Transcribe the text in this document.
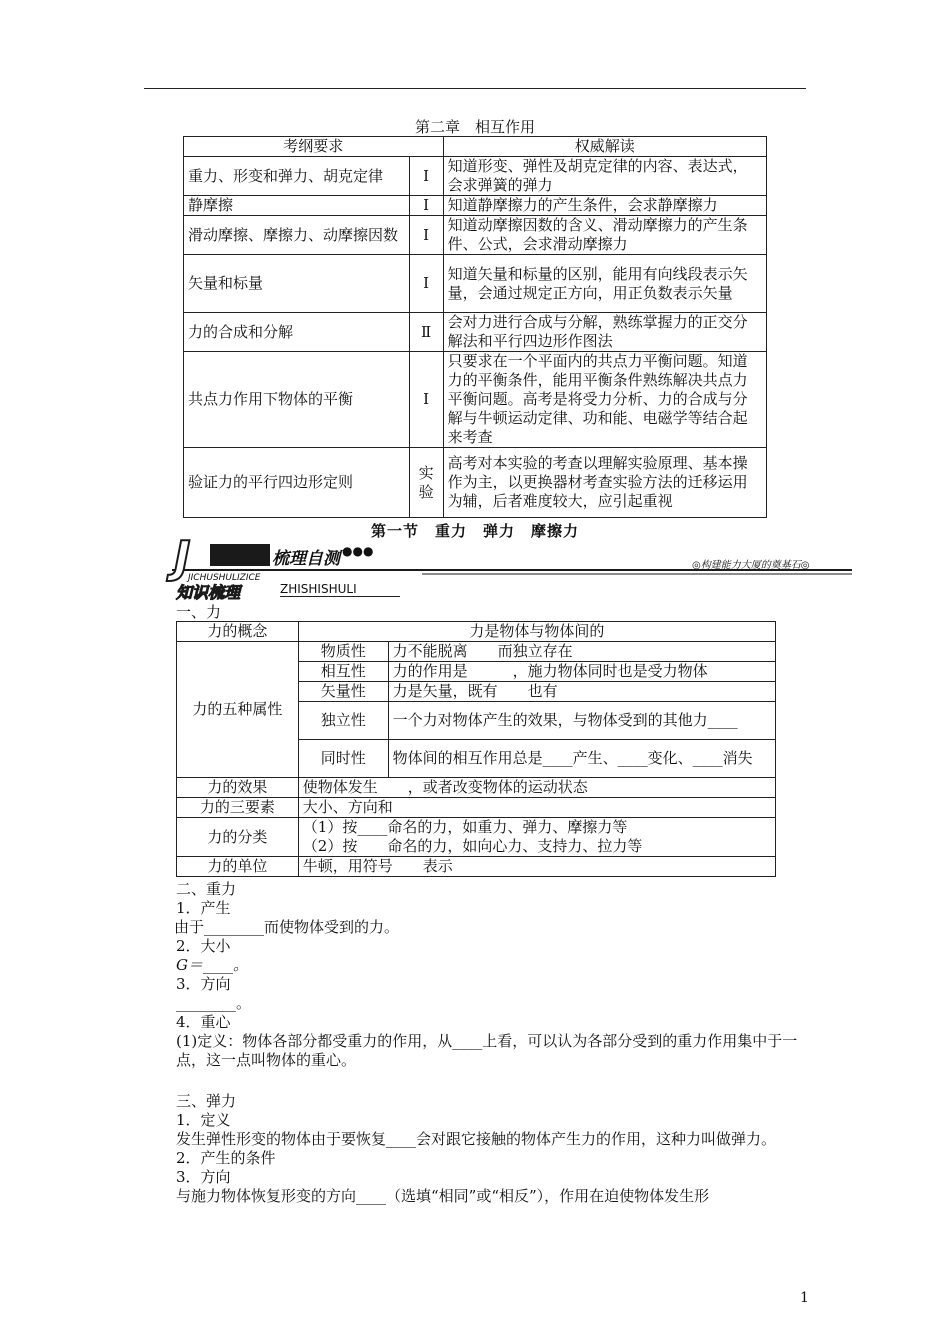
第二章　相互作用
考纲要求		权威解读
重力、形变和弹力、胡克定律	Ⅰ	知道形变、弹性及胡克定律的内容、表达式，会求弹簧的弹力
静摩擦	Ⅰ	知道静摩擦力的产生条件，会求静摩擦力
滑动摩擦、摩擦力、动摩擦因数	Ⅰ	知道动摩擦因数的含义、滑动摩擦力的产生条件、公式，会求滑动摩擦力
矢量和标量	Ⅰ	知道矢量和标量的区别，能用有向线段表示矢量，会通过规定正方向，用正负数表示矢量
力的合成和分解	Ⅱ	会对力进行合成与分解，熟练掌握力的正交分解法和平行四边形作图法
共点力作用下物体的平衡	Ⅰ	只要求在一个平面内的共点力平衡问题。知道力的平衡条件，能用平衡条件熟练解决共点力平衡问题。高考是将受力分析、力的合成与分解与牛顿运动定律、功和能、电磁学等结合起来考查
验证力的平行四边形定则	实验	高考对本实验的考查以理解实验原理、基本操作为主，以更换器材考查实验方法的迁移运用为辅，后者难度较大，应引起重视
第一节　重力　弹力　摩擦力
J	梳理自测 ●●●
JICHUSHULIZICE
◎构建能力大厦的奠基石◎
知识梳理	ZHISHISHULI
一、力
力的概念	力是物体与物体间的	
力的五种属性	物质性	力不能脱离　　而独立存在
	相互性	力的作用是　　　，施力物体同时也是受力物体
	矢量性	力是矢量，既有　　也有
	独立性	一个力对物体产生的效果，与物体受到的其他力____
	同时性	物体间的相互作用总是____产生、____变化、____消失
力的效果	使物体发生　　，或者改变物体的运动状态	
力的三要素	大小、方向和	
力的分类	（1）按____命名的力，如重力、弹力、摩擦力等
（2）按　　命名的力，如向心力、支持力、拉力等	

力的单位	牛顿，用符号　　表示	

二、重力

1．产生

由于________而使物体受到的力。

2．大小

G＝____。

3．方向

________。

4．重心

(1)定义：物体各部分都受重力的作用，从____上看，可以认为各部分受到的重力作用集中于一点，这一点叫物体的重心。

三、弹力

1．定义

发生弹性形变的物体由于要恢复____会对跟它接触的物体产生力的作用，这种力叫做弹力。

2．产生的条件

3．方向

与施力物体恢复形变的方向____（选填“相同”或“相反”），作用在迫使物体发生形

1
